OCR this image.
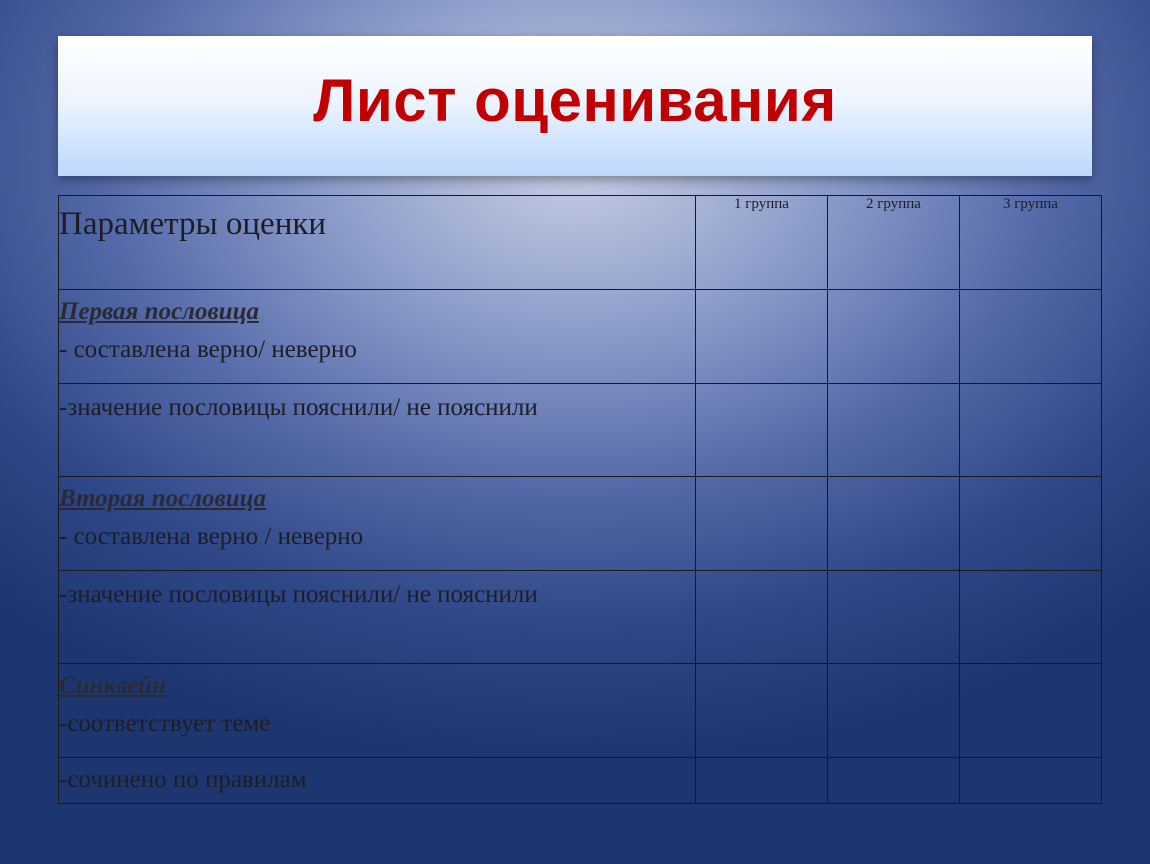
Лист оценивания
Параметры оценки	1 группа	2 группа	3 группа

Первая пословица
- составлена верно/ неверно			

-значение пословицы пояснили/ не пояснили			

Вторая пословица
- составлена верно / неверно			

-значение пословицы пояснили/ не пояснили			

Синквейн
-соответствует теме			

-сочинено по правилам			
